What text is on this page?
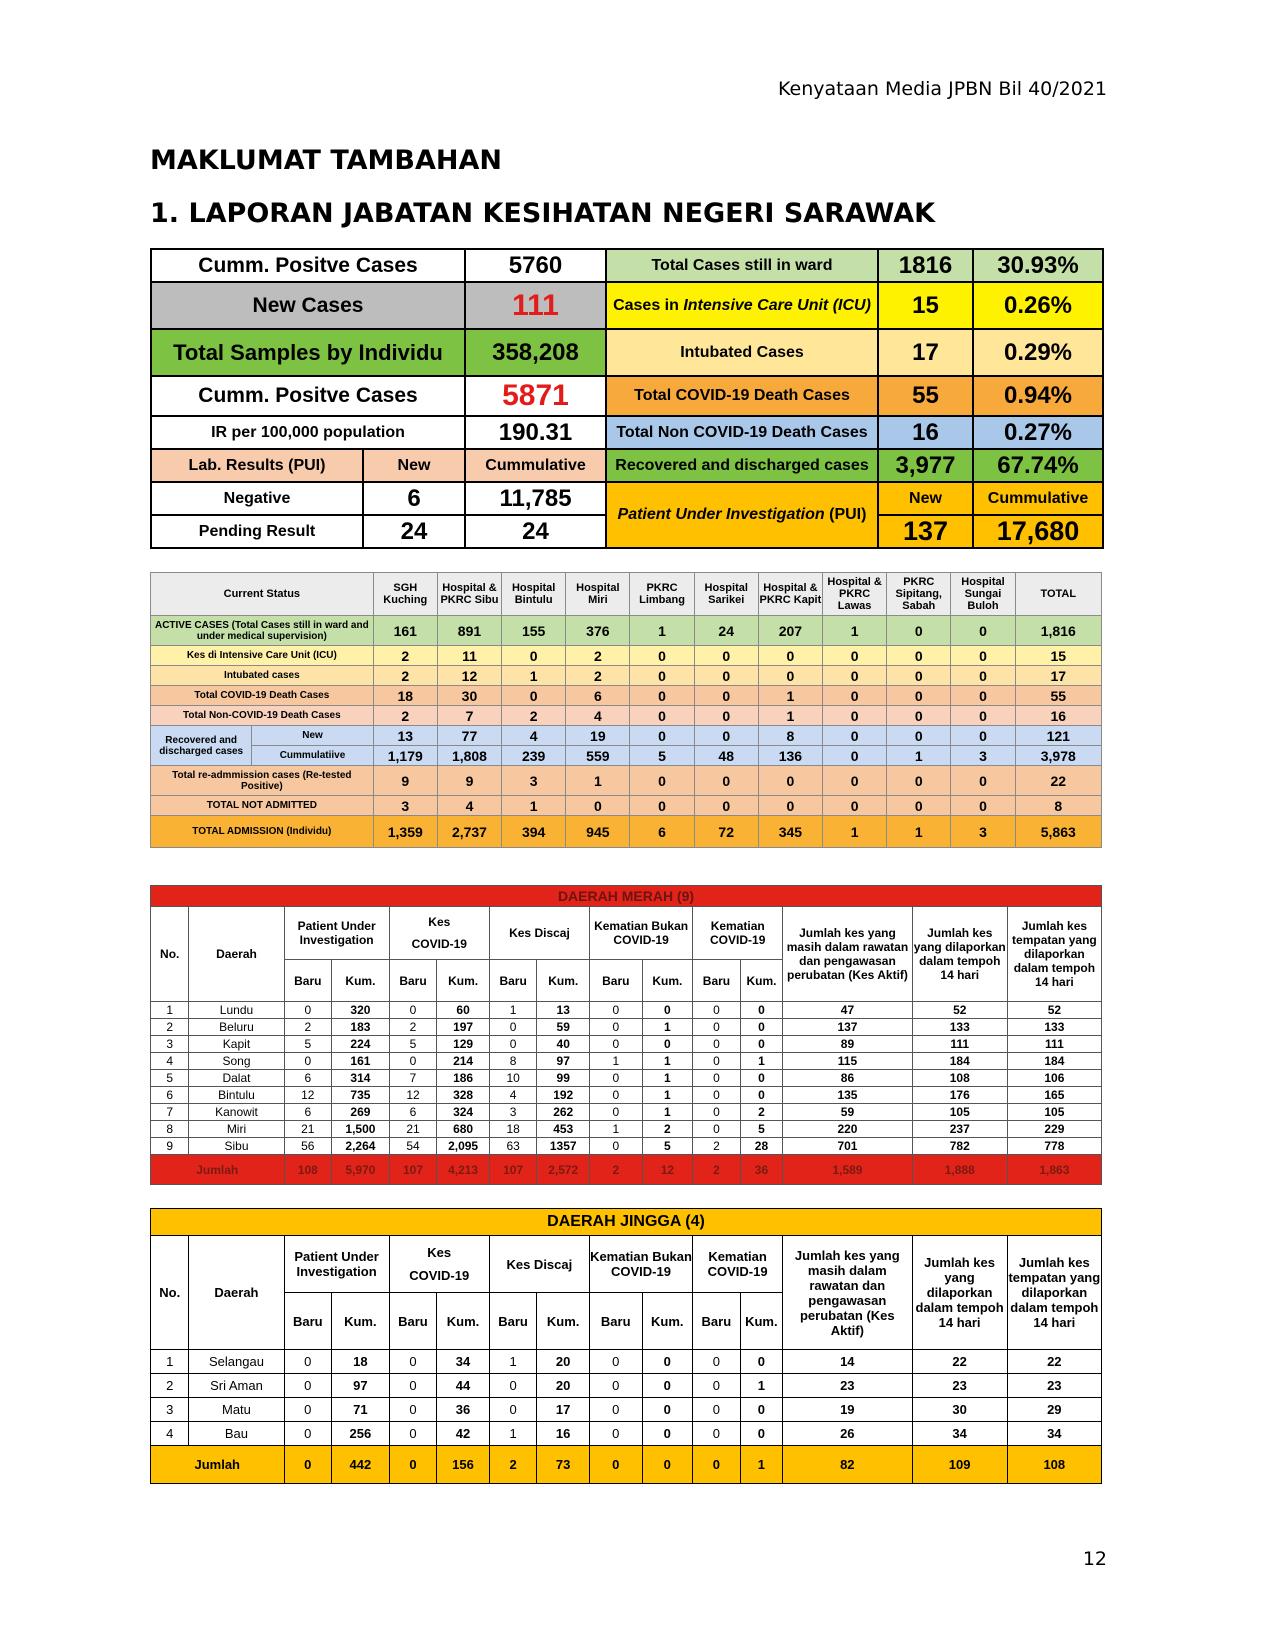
Kenyataan Media JPBN Bil 40/2021
MAKLUMAT TAMBAHAN
1. LAPORAN JABATAN KESIHATAN NEGERI SARAWAK
Cumm. Positve Cases		5760	Total Cases still in ward	1816	30.93%
New Cases		111	Cases in Intensive Care Unit (ICU)	15	0.26%
Total Samples by Individu		358,208	Intubated Cases	17	0.29%
Cumm. Positve Cases		5871	Total COVID-19 Death Cases	55	0.94%
IR per 100,000 population		190.31	Total Non COVID-19 Death Cases	16	0.27%
Lab. Results (PUI)	New	Cummulative	Recovered and discharged cases	3,977	67.74%
Negative	6	11,785	Patient Under Investigation (PUI)	New	Cummulative
Pending Result	24	24		137	17,680
Current Status		SGH Kuching	Hospital & PKRC Sibu	Hospital Bintulu	Hospital Miri	PKRC Limbang	Hospital Sarikei	Hospital & PKRC Kapit	Hospital & PKRC Lawas	PKRC Sipitang, Sabah	Hospital Sungai Buloh	TOTAL
ACTIVE CASES (Total Cases still in ward and under medical supervision)		161	891	155	376	1	24	207	1	0	0	1,816
Kes di Intensive Care Unit (ICU)		2	11	0	2	0	0	0	0	0	0	15
Intubated cases		2	12	1	2	0	0	0	0	0	0	17
Total COVID-19 Death Cases		18	30	0	6	0	0	1	0	0	0	55
Total Non-COVID-19 Death Cases		2	7	2	4	0	0	1	0	0	0	16
Recovered and discharged cases	New	13	77	4	19	0	0	8	0	0	0	121
	Cummulatiive	1,179	1,808	239	559	5	48	136	0	1	3	3,978
Total re-admmission cases (Re-tested Positive)		9	9	3	1	0	0	0	0	0	0	22
TOTAL NOT ADMITTED		3	4	1	0	0	0	0	0	0	0	8
TOTAL ADMISSION (Individu)		1,359	2,737	394	945	6	72	345	1	1	3	5,863
DAERAH MERAH (9)														
No.	Daerah	Patient Under Investigation		Kes
COVID-19		Kes Discaj		Kematian Bukan COVID-19		Kematian COVID-19		Jumlah kes yang masih dalam rawatan dan pengawasan perubatan (Kes Aktif)	Jumlah kes yang dilaporkan dalam tempoh 14 hari	Jumlah kes tempatan yang dilaporkan dalam tempoh 14 hari
		Baru	Kum.	Baru	Kum.	Baru	Kum.	Baru	Kum.	Baru	Kum.			
1	Lundu	0	320	0	60	1	13	0	0	0	0	47	52	52
2	Beluru	2	183	2	197	0	59	0	1	0	0	137	133	133
3	Kapit	5	224	5	129	0	40	0	0	0	0	89	111	111
4	Song	0	161	0	214	8	97	1	1	0	1	115	184	184
5	Dalat	6	314	7	186	10	99	0	1	0	0	86	108	106
6	Bintulu	12	735	12	328	4	192	0	1	0	0	135	176	165
7	Kanowit	6	269	6	324	3	262	0	1	0	2	59	105	105
8	Miri	21	1,500	21	680	18	453	1	2	0	5	220	237	229
9	Sibu	56	2,264	54	2,095	63	1357	0	5	2	28	701	782	778
Jumlah		108	5,970	107	4,213	107	2,572	2	12	2	36	1,589	1,888	1,863
DAERAH JINGGA (4)														
No.	Daerah	Patient Under Investigation		Kes
COVID-19		Kes Discaj		Kematian Bukan COVID-19		Kematian COVID-19		Jumlah kes yang masih dalam rawatan dan pengawasan perubatan (Kes Aktif)	Jumlah kes yang dilaporkan dalam tempoh 14 hari	Jumlah kes tempatan yang dilaporkan dalam tempoh 14 hari
		Baru	Kum.	Baru	Kum.	Baru	Kum.	Baru	Kum.	Baru	Kum.			
1	Selangau	0	18	0	34	1	20	0	0	0	0	14	22	22
2	Sri Aman	0	97	0	44	0	20	0	0	0	1	23	23	23
3	Matu	0	71	0	36	0	17	0	0	0	0	19	30	29
4	Bau	0	256	0	42	1	16	0	0	0	0	26	34	34
Jumlah		0	442	0	156	2	73	0	0	0	1	82	109	108
12
